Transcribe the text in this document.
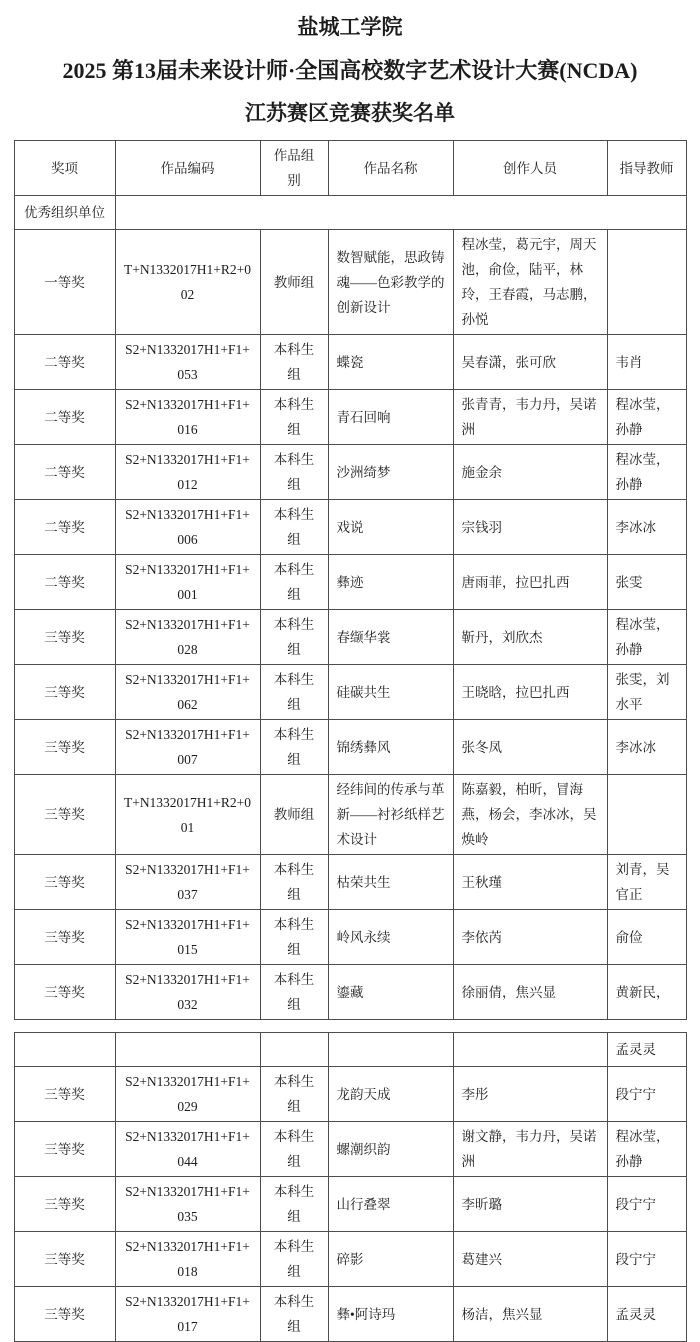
盐城工学院

2025 第13届未来设计师·全国高校数字艺术设计大赛(NCDA)

江苏赛区竞赛获奖名单

奖项	作品编码	作品组别	作品名称	创作人员	指导教师
优秀组织单位					
一等奖	T+N1332017H1+R2+002	教师组	数智赋能，思政铸魂——色彩教学的创新设计	程冰莹，葛元宇，周天池，俞俭，陆平，林玲，王春霞，马志鹏，孙悦	
二等奖	S2+N1332017H1+F1+053	本科生组	蝶瓷	吴春潇，张可欣	韦肖
二等奖	S2+N1332017H1+F1+016	本科生组	青石回响	张青青，韦力丹，吴诺洲	程冰莹，孙静
二等奖	S2+N1332017H1+F1+012	本科生组	沙洲绮梦	施金余	程冰莹，孙静
二等奖	S2+N1332017H1+F1+006	本科生组	戏说	宗钱羽	李冰冰
二等奖	S2+N1332017H1+F1+001	本科生组	彝迹	唐雨菲，拉巴扎西	张雯
三等奖	S2+N1332017H1+F1+028	本科生组	春缬华裳	靳丹，刘欣杰	程冰莹，孙静
三等奖	S2+N1332017H1+F1+062	本科生组	硅碳共生	王晓晗，拉巴扎西	张雯，刘水平
三等奖	S2+N1332017H1+F1+007	本科生组	锦绣彝风	张冬凤	李冰冰
三等奖	T+N1332017H1+R2+001	教师组	经纬间的传承与革新——衬衫纸样艺术设计	陈嘉毅，柏昕，冒海燕，杨会，李冰冰，吴焕岭	
三等奖	S2+N1332017H1+F1+037	本科生组	枯荣共生	王秋瑾	刘青，吴官正
三等奖	S2+N1332017H1+F1+015	本科生组	岭风永续	李依芮	俞俭
三等奖	S2+N1332017H1+F1+032	本科生组	鎏藏	徐丽倩，焦兴显	黄新民，
					孟灵灵
三等奖	S2+N1332017H1+F1+029	本科生组	龙韵天成	李彤	段宁宁
三等奖	S2+N1332017H1+F1+044	本科生组	螺潮织韵	谢文静，韦力丹，吴诺洲	程冰莹，孙静
三等奖	S2+N1332017H1+F1+035	本科生组	山行叠翠	李昕璐	段宁宁
三等奖	S2+N1332017H1+F1+018	本科生组	碎影	葛建兴	段宁宁
三等奖	S2+N1332017H1+F1+017	本科生组	彝•阿诗玛	杨洁，焦兴显	孟灵灵
